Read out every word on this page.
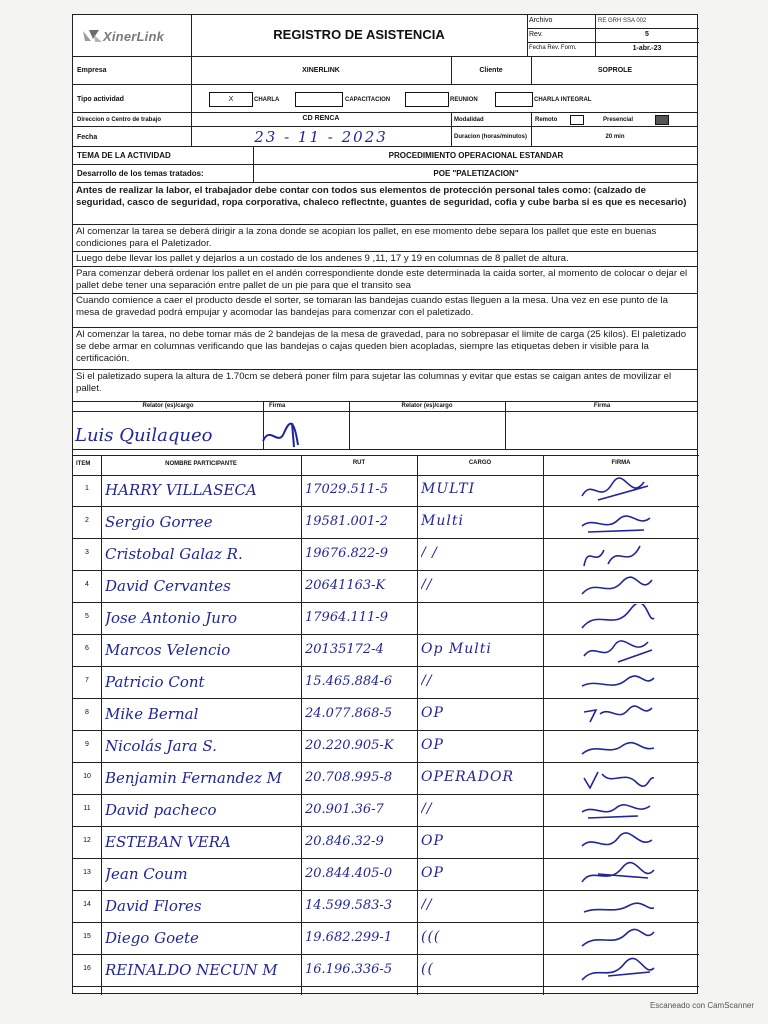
XinerLink	REGISTRO DE ASISTENCIA
Archivo	RE GRH SSA 002
Rev.	5
Fecha Rev. Form.	1-abr.-23
Empresa	XINERLINK	Cliente	SOPROLE
Tipo actividad	X	CHARLA	CAPACITACION	REUNION	CHARLA INTEGRAL
Direccion o Centro de trabajo	CD RENCA	Modalidad	Remoto	Presencial
Fecha	23 - 11 - 2023	Duracion (horas/minutos)	20 min
TEMA DE LA ACTIVIDAD	PROCEDIMIENTO OPERACIONAL ESTANDAR
Desarrollo de los temas tratados:	POE "PALETIZACION"
Antes de realizar la labor, el trabajador debe contar con todos sus elementos de protección personal tales como: (calzado de seguridad, casco de seguridad, ropa corporativa, chaleco reflectnte, guantes de seguridad, cofia y cube barba si es que es necesario)
Al comenzar la tarea se deberá dirigir a la zona donde se acopian los pallet, en ese momento debe separa los pallet que este en buenas condiciones para el Paletizador.
Luego debe llevar los pallet y dejarlos a un costado de los andenes 9 ,11, 17 y 19 en columnas de 8 pallet de altura.
Para comenzar deberá ordenar los pallet en el andén correspondiente donde este determinada la caida sorter, al momento de colocar o dejar el pallet debe tener una separación entre pallet de un pie para que el transito sea
Cuando comience a caer el producto desde el sorter, se tomaran las bandejas cuando estas lleguen a la mesa. Una vez en ese punto de la mesa de gravedad podrá empujar y acomodar las bandejas para comenzar con el paletizado.
Al comenzar la tarea, no debe tomar más de 2 bandejas de la mesa de gravedad, para no sobrepasar el limite de carga (25 kilos). El paletizado se debe armar en columnas verificando que las bandejas o cajas queden bien acopladas, siempre las etiquetas deben ir visible para la certificación.
Si el paletizado supera la altura de 1.70cm se deberá poner film para sujetar las columnas y evitar que estas se caigan antes de movilizar el pallet.
Relator (es)/cargo	Firma	Relator (es)/cargo	Firma
Luis Quilaqueo
ITEM	NOMBRE PARTICIPANTE	RUT	CARGO	FIRMA
1	HARRY VILLASECA	17029.511-5	MULTI
2	Sergio Gorree	19581.001-2	Multi
3	Cristobal Galaz R.	19676.822-9	/ /
4	David Cervantes	20641163-K	//
5	Jose Antonio Juro	17964.111-9
6	Marcos Velencio	20135172-4	Op Multi
7	Patricio Cont	15.465.884-6	//
8	Mike Bernal	24.077.868-5	OP
9	Nicolás Jara S.	20.220.905-K	OP
10 Benjamin Fernandez M	20.708.995-8	OPERADOR
11 David pacheco	20.901.36-7	//
12 ESTEBAN VERA	20.846.32-9	OP
13 Jean Coum	20.844.405-0	OP
14 David Flores	14.599.583-3	//
15 Diego Goete	19.682.299-1	(((
16 REINALDO NECUN M	16.196.336-5	((
Escaneado con CamScanner
